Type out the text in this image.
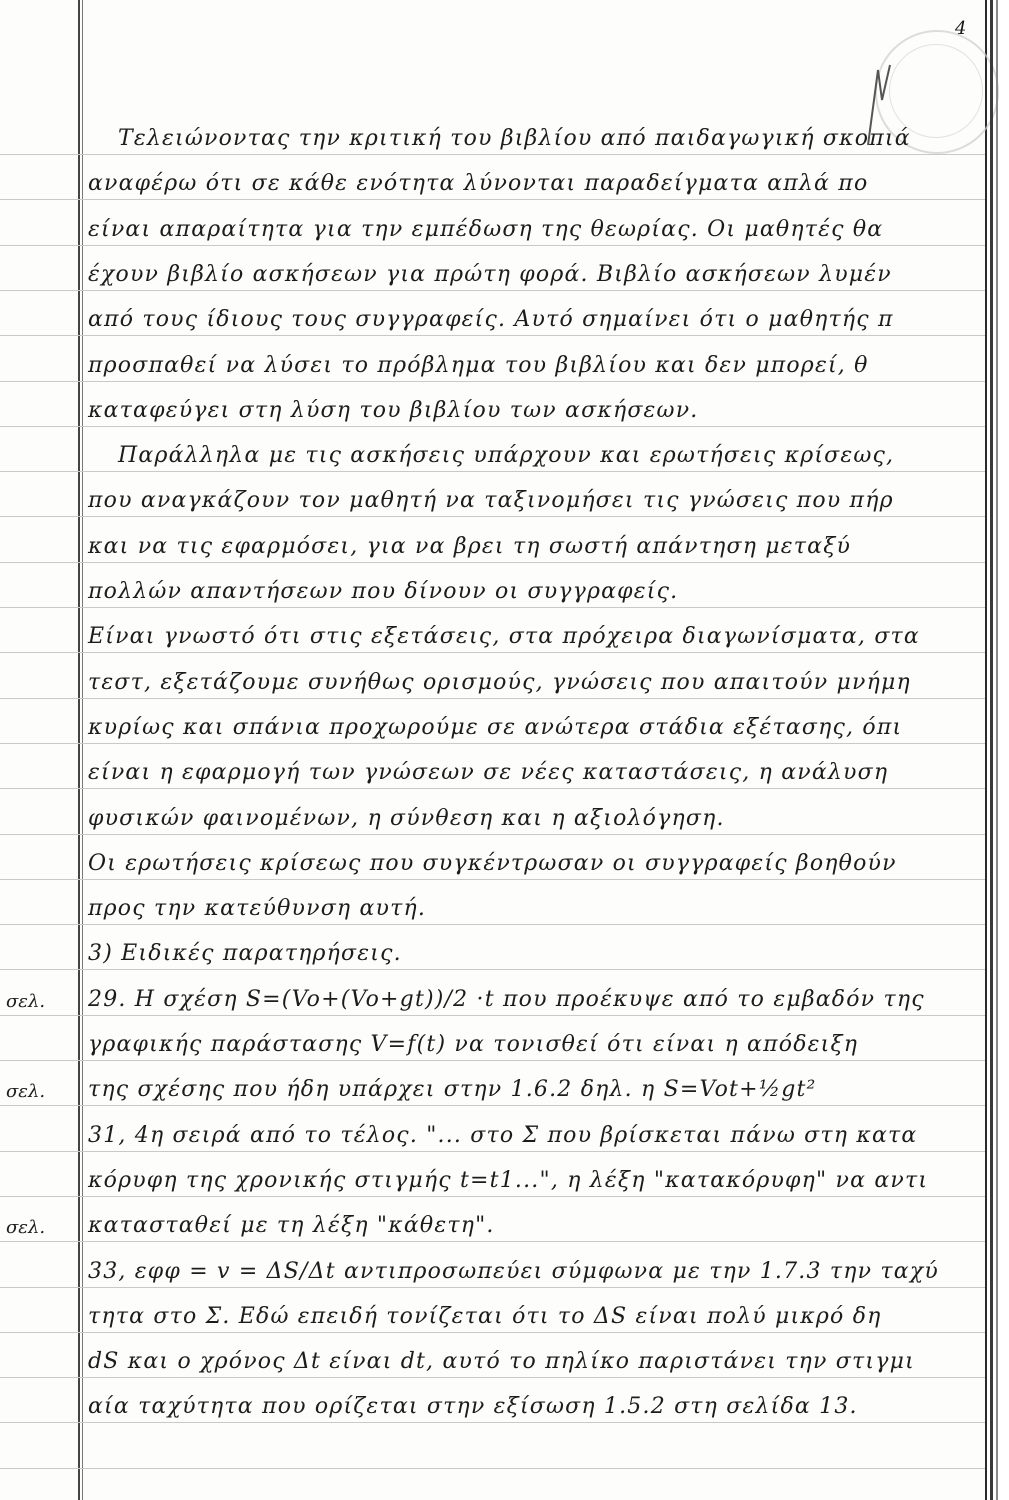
4
Τελειώνοντας την κριτική του βιβλίου από παιδαγωγική σκοπιά
αναφέρω ότι σε κάθε ενότητα λύνονται παραδείγματα απλά πο
είναι απαραίτητα για την εμπέδωση της θεωρίας. Οι μαθητές θα
έχουν βιβλίο ασκήσεων για πρώτη φορά. Βιβλίο ασκήσεων λυμέν
από τους ίδιους τους συγγραφείς. Αυτό σημαίνει ότι ο μαθητής π
προσπαθεί να λύσει το πρόβλημα του βιβλίου και δεν μπορεί, θ
καταφεύγει στη λύση του βιβλίου των ασκήσεων.
Παράλληλα με τις ασκήσεις υπάρχουν και ερωτήσεις κρίσεως,
που αναγκάζουν τον μαθητή να ταξινομήσει τις γνώσεις που πήρ
και να τις εφαρμόσει, για να βρει τη σωστή απάντηση μεταξύ
πολλών απαντήσεων που δίνουν οι συγγραφείς.
Είναι γνωστό ότι στις εξετάσεις, στα πρόχειρα διαγωνίσματα, στα
τεστ, εξετάζουμε συνήθως ορισμούς, γνώσεις που απαιτούν μνήμη
κυρίως και σπάνια προχωρούμε σε ανώτερα στάδια εξέτασης, όπι
είναι η εφαρμογή των γνώσεων σε νέες καταστάσεις, η ανάλυση
φυσικών φαινομένων, η σύνθεση και η αξιολόγηση.
Οι ερωτήσεις κρίσεως που συγκέντρωσαν οι συγγραφείς βοηθούν
προς την κατεύθυνση αυτή.
3) Ειδικές παρατηρήσεις.
29. Η σχέση S=(Vo+(Vo+gt))/2 ·t που προέκυψε από το εμβαδόν της
γραφικής παράστασης V=f(t) να τονισθεί ότι είναι η απόδειξη
της σχέσης που ήδη υπάρχει στην 1.6.2 δηλ. η S=Vot+½gt²
31, 4η σειρά από το τέλος. "... στο Σ που βρίσκεται πάνω στη κατα
κόρυφη της χρονικής στιγμής t=t1...", η λέξη "κατακόρυφη" να αντι
κατασταθεί με τη λέξη "κάθετη".
33, εφφ = v = ΔS/Δt αντιπροσωπεύει σύμφωνα με την 1.7.3 την ταχύ
τητα στο Σ. Εδώ επειδή τονίζεται ότι το ΔS είναι πολύ μικρό δη
dS και ο χρόνος Δt είναι dt, αυτό το πηλίκο παριστάνει την στιγμι
αία ταχύτητα που ορίζεται στην εξίσωση 1.5.2 στη σελίδα 13.
σελ.
σελ.
σελ.
